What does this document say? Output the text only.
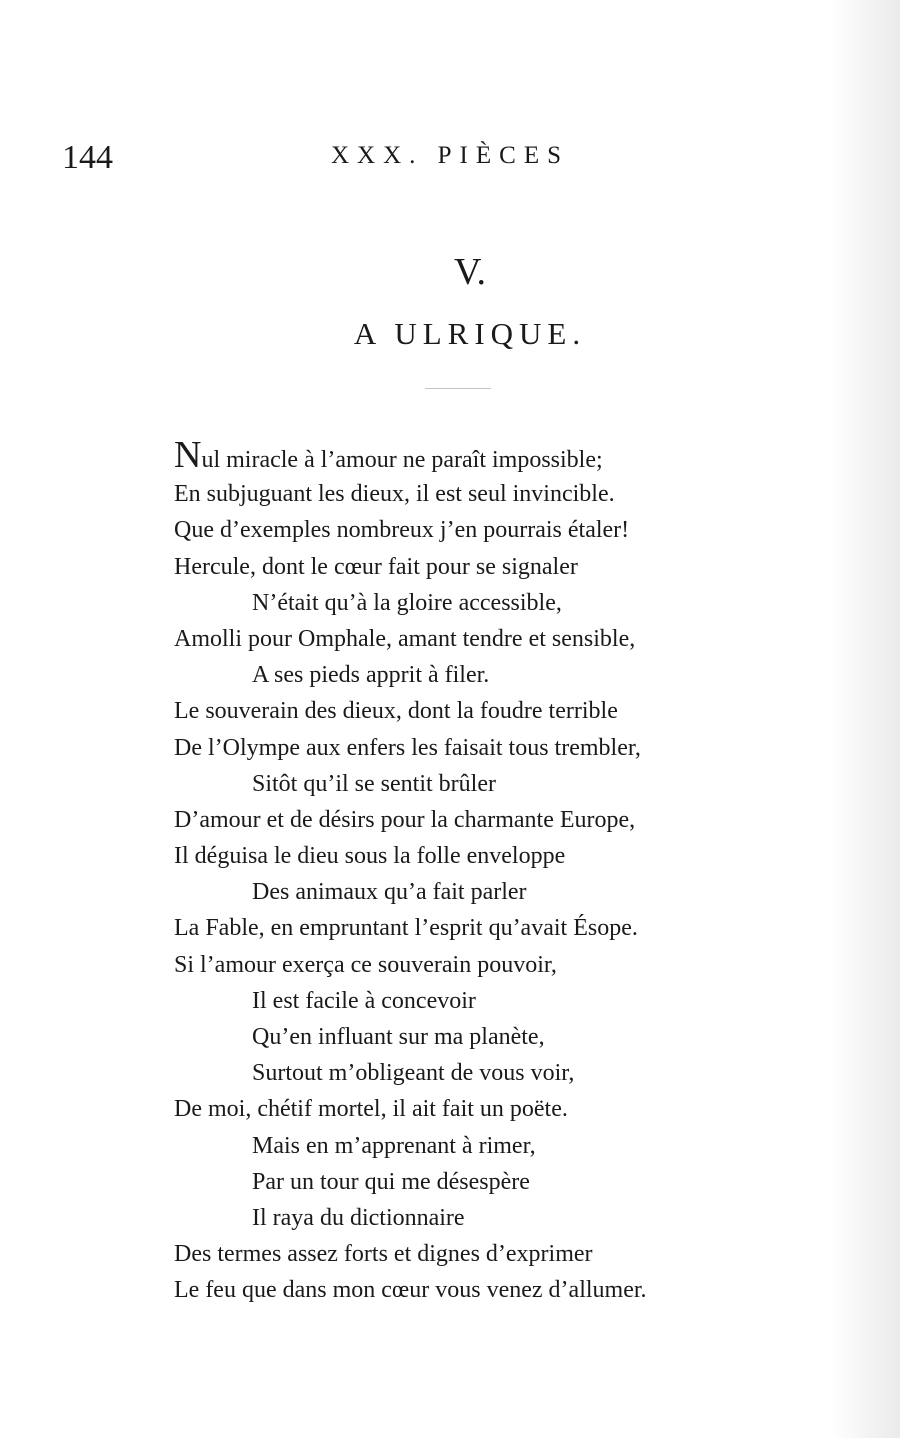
144	XXX. PIÈCES
V.
A ULRIQUE.
Nul miracle à l’amour ne paraît impossible;
En subjuguant les dieux, il est seul invincible.
Que d’exemples nombreux j’en pourrais étaler!
Hercule, dont le cœur fait pour se signaler
N’était qu’à la gloire accessible,
Amolli pour Omphale, amant tendre et sensible,
A ses pieds apprit à filer.
Le souverain des dieux, dont la foudre terrible
De l’Olympe aux enfers les faisait tous trembler,
Sitôt qu’il se sentit brûler
D’amour et de désirs pour la charmante Europe,
Il déguisa le dieu sous la folle enveloppe
Des animaux qu’a fait parler
La Fable, en empruntant l’esprit qu’avait Ésope.
Si l’amour exerça ce souverain pouvoir,
Il est facile à concevoir
Qu’en influant sur ma planète,
Surtout m’obligeant de vous voir,
De moi, chétif mortel, il ait fait un poëte.
Mais en m’apprenant à rimer,
Par un tour qui me désespère
Il raya du dictionnaire
Des termes assez forts et dignes d’exprimer
Le feu que dans mon cœur vous venez d’allumer.
